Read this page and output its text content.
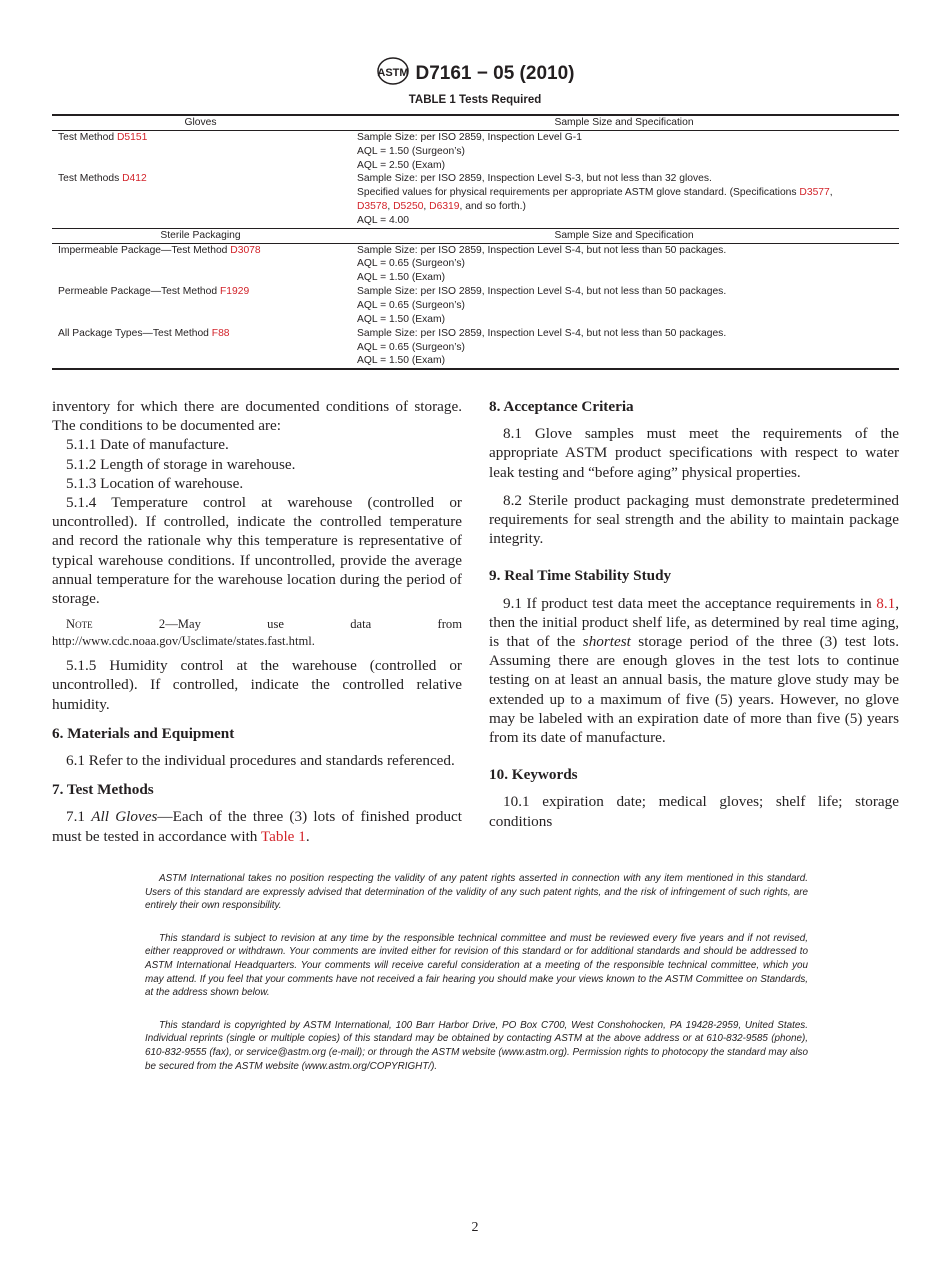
ASTM D7161 − 05 (2010)
TABLE 1 Tests Required
Gloves	Sample Size and Specification
Test Method D5151	Sample Size: per ISO 2859, Inspection Level G-1
AQL = 1.50 (Surgeon’s)
AQL = 2.50 (Exam)
Test Methods D412	Sample Size: per ISO 2859, Inspection Level S-3, but not less than 32 gloves.
Specified values for physical requirements per appropriate ASTM glove standard. (Specifications D3577,
D3578, D5250, D6319, and so forth.)
AQL = 4.00
Sterile Packaging	Sample Size and Specification
Impermeable Package—Test Method D3078	Sample Size: per ISO 2859, Inspection Level S-4, but not less than 50 packages.
AQL = 0.65 (Surgeon’s)
AQL = 1.50 (Exam)
Permeable Package—Test Method F1929	Sample Size: per ISO 2859, Inspection Level S-4, but not less than 50 packages.
AQL = 0.65 (Surgeon’s)
AQL = 1.50 (Exam)
All Package Types—Test Method F88	Sample Size: per ISO 2859, Inspection Level S-4, but not less than 50 packages.
AQL = 0.65 (Surgeon’s)
AQL = 1.50 (Exam)

inventory for which there are documented conditions of storage. The conditions to be documented are:

5.1.1 Date of manufacture.

5.1.2 Length of storage in warehouse.

5.1.3 Location of warehouse.

5.1.4 Temperature control at warehouse (controlled or uncontrolled). If controlled, indicate the controlled temperature and record the rationale why this temperature is representative of typical warehouse conditions. If uncontrolled, provide the average annual temperature for the warehouse location during the period of storage.

Note 2—May use data from http://www.cdc.noaa.gov/Usclimate/states.fast.html.

5.1.5 Humidity control at the warehouse (controlled or uncontrolled). If controlled, indicate the controlled relative humidity.

6. Materials and Equipment

6.1 Refer to the individual procedures and standards referenced.

7. Test Methods

7.1 All Gloves—Each of the three (3) lots of finished product must be tested in accordance with Table 1.

8. Acceptance Criteria

8.1 Glove samples must meet the requirements of the appropriate ASTM product specifications with respect to water leak testing and “before aging” physical properties.

8.2 Sterile product packaging must demonstrate predetermined requirements for seal strength and the ability to maintain package integrity.

9. Real Time Stability Study

9.1 If product test data meet the acceptance requirements in 8.1, then the initial product shelf life, as determined by real time aging, is that of the shortest storage period of the three (3) test lots. Assuming there are enough gloves in the test lots to continue testing on at least an annual basis, the mature glove study may be extended up to a maximum of five (5) years. However, no glove may be labeled with an expiration date of more than five (5) years from its date of manufacture.

10. Keywords

10.1 expiration date; medical gloves; shelf life; storage conditions

ASTM International takes no position respecting the validity of any patent rights asserted in connection with any item mentioned in this standard. Users of this standard are expressly advised that determination of the validity of any such patent rights, and the risk of infringement of such rights, are entirely their own responsibility.

This standard is subject to revision at any time by the responsible technical committee and must be reviewed every five years and if not revised, either reapproved or withdrawn. Your comments are invited either for revision of this standard or for additional standards and should be addressed to ASTM International Headquarters. Your comments will receive careful consideration at a meeting of the responsible technical committee, which you may attend. If you feel that your comments have not received a fair hearing you should make your views known to the ASTM Committee on Standards, at the address shown below.

This standard is copyrighted by ASTM International, 100 Barr Harbor Drive, PO Box C700, West Conshohocken, PA 19428-2959, United States. Individual reprints (single or multiple copies) of this standard may be obtained by contacting ASTM at the above address or at 610-832-9585 (phone), 610-832-9555 (fax), or service@astm.org (e-mail); or through the ASTM website (www.astm.org). Permission rights to photocopy the standard may also be secured from the ASTM website (www.astm.org/COPYRIGHT/).

2
